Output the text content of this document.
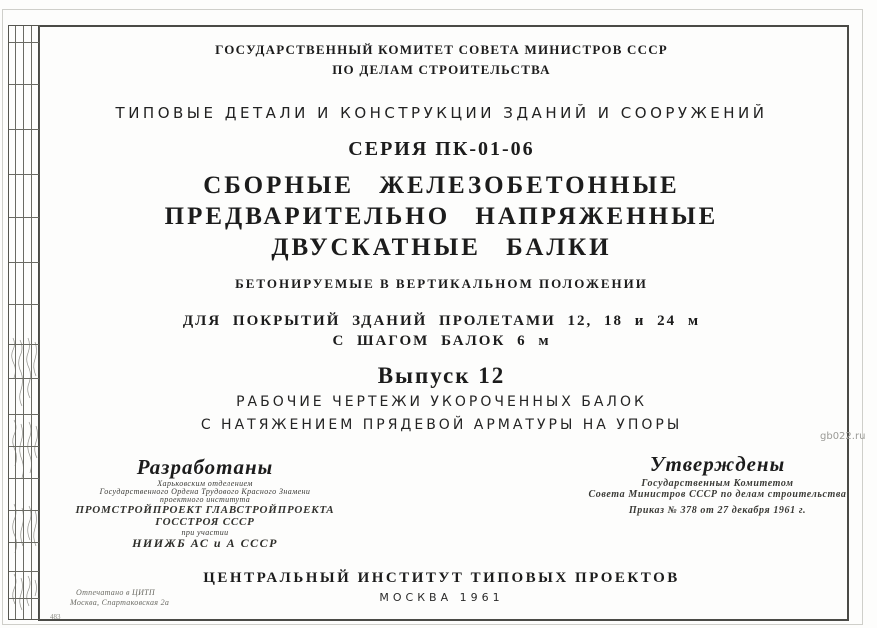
ГОСУДАРСТВЕННЫЙ КОМИТЕТ СОВЕТА МИНИСТРОВ СССР
ПО ДЕЛАМ СТРОИТЕЛЬСТВА
ТИПОВЫЕ ДЕТАЛИ И КОНСТРУКЦИИ ЗДАНИЙ И СООРУЖЕНИЙ
СЕРИЯ ПК-01-06
СБОРНЫЕ ЖЕЛЕЗОБЕТОННЫЕ
ПРЕДВАРИТЕЛЬНО НАПРЯЖЕННЫЕ
ДВУСКАТНЫЕ БАЛКИ
БЕТОНИРУЕМЫЕ В ВЕРТИКАЛЬНОМ ПОЛОЖЕНИИ
ДЛЯ ПОКРЫТИЙ ЗДАНИЙ ПРОЛЕТАМИ 12, 18 и 24 м
С ШАГОМ БАЛОК 6 м
Выпуск 12
РАБОЧИЕ ЧЕРТЕЖИ УКОРОЧЕННЫХ БАЛОК
С НАТЯЖЕНИЕМ ПРЯДЕВОЙ АРМАТУРЫ НА УПОРЫ
Разработаны
Харьковским отделением
Государственного Ордена Трудового Красного Знамени
проектного института
ПРОМСТРОЙПРОЕКТ ГЛАВСТРОЙПРОЕКТА
ГОССТРОЯ СССР
при участии
НИИЖБ АС и А СССР
Утверждены
Государственным Комитетом
Совета Министров СССР по делам строительства
Приказ № 378 от 27 декабря 1961 г.
ЦЕНТРАЛЬНЫЙ ИНСТИТУТ ТИПОВЫХ ПРОЕКТОВ
МОСКВА 1961
Отпечатано в ЦИТП
Москва, Спартаковская 2а
483
gb022.ru
